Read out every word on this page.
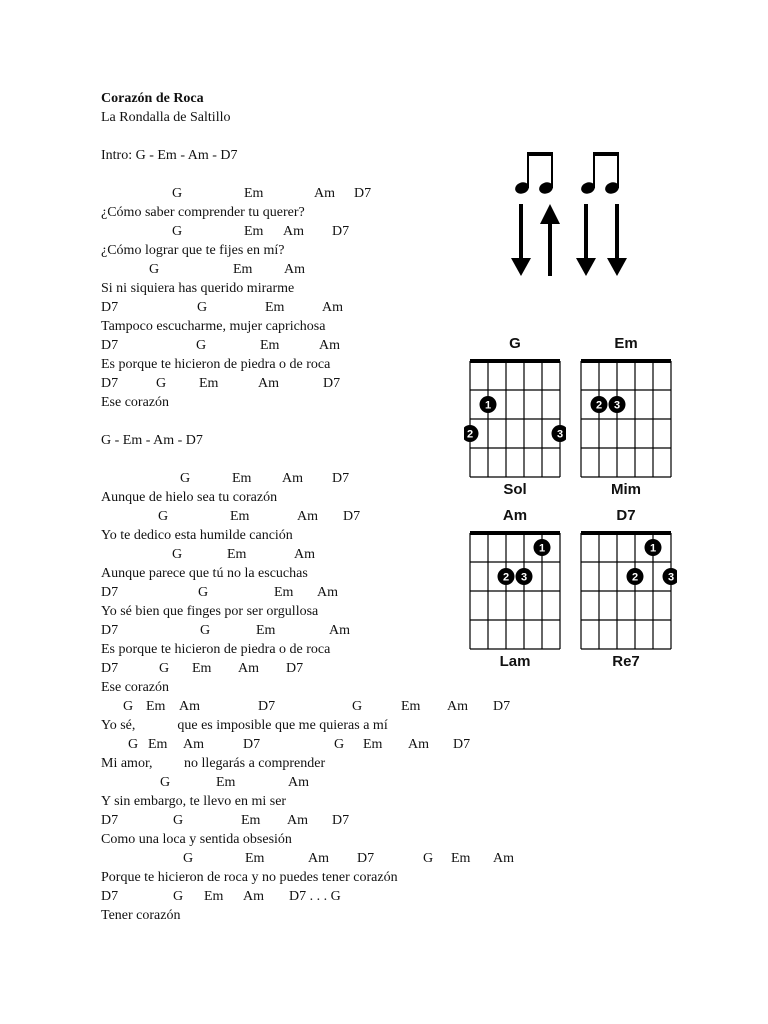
Corazón de Roca
La Rondalla de Saltillo
Intro: G - Em - Am - D7
G	Em	Am D7
¿Cómo saber comprender tu querer?
G	Em Am D7
¿Cómo lograr que te fijes en mí?
G	Em Am
Si ni siquiera has querido mirarme
D7	G	Em	Am
Tampoco escucharme, mujer caprichosa
D7	G	Em	Am
Es porque te hicieron de piedra o de roca
D7	G Em	Am	D7
Ese corazón
G - Em - Am - D7
G	Em Am D7
Aunque de hielo sea tu corazón
G	Em	Am D7
Yo te dedico esta humilde canción
G	Em	Am
Aunque parece que tú no la escuchas
D7	G	Em Am
Yo sé bien que finges por ser orgullosa
D7	G	Em	Am
Es porque te hicieron de piedra o de roca
D7	G Em Am D7
Ese corazón
G Em Am	D7	G	Em Am D7
Yo sé,            que es imposible que me quieras a mí
G Em Am	D7	G Em Am D7
Mi amor,         no llegarás a comprender
G	Em	Am
Y sin embargo, te llevo en mi ser
D7	G	Em Am D7
Como una loca y sentida obsesión
G	Em	Am D7	G Em Am
Porque te hicieron de roca y no puedes tener corazón
D7	G Em Am D7 . . . G
Tener corazón
G
1
2	3
Sol
Em
2 3
Mim
Am
1
2 3
Lam
D7
1
2	3
Re7
